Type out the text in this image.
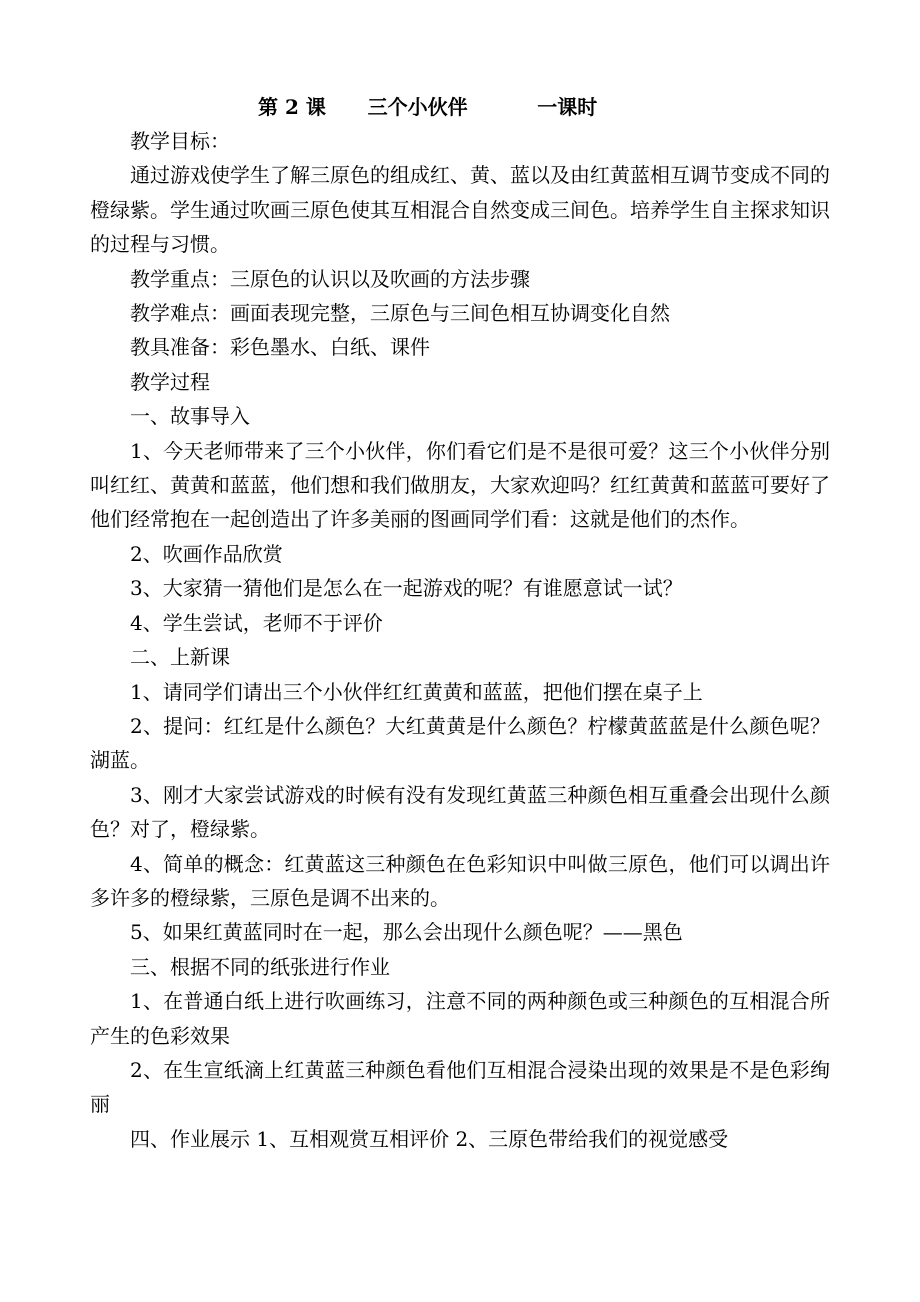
第 2 课      三个小伙伴          一课时

教学目标：

通过游戏使学生了解三原色的组成红、黄、蓝以及由红黄蓝相互调节变成不同的橙绿紫。学生通过吹画三原色使其互相混合自然变成三间色。培养学生自主探求知识的过程与习惯。

教学重点：三原色的认识以及吹画的方法步骤

教学难点：画面表现完整，三原色与三间色相互协调变化自然

教具准备：彩色墨水、白纸、课件

教学过程

一、故事导入

1、今天老师带来了三个小伙伴，你们看它们是不是很可爱？这三个小伙伴分别叫红红、黄黄和蓝蓝，他们想和我们做朋友，大家欢迎吗？红红黄黄和蓝蓝可要好了他们经常抱在一起创造出了许多美丽的图画同学们看：这就是他们的杰作。

2、吹画作品欣赏

3、大家猜一猜他们是怎么在一起游戏的呢？有谁愿意试一试？

4、学生尝试，老师不于评价

二、上新课

1、请同学们请出三个小伙伴红红黄黄和蓝蓝，把他们摆在桌子上

2、提问：红红是什么颜色？大红黄黄是什么颜色？柠檬黄蓝蓝是什么颜色呢？湖蓝。

3、刚才大家尝试游戏的时候有没有发现红黄蓝三种颜色相互重叠会出现什么颜色？对了，橙绿紫。

4、简单的概念：红黄蓝这三种颜色在色彩知识中叫做三原色，他们可以调出许多许多的橙绿紫，三原色是调不出来的。

5、如果红黄蓝同时在一起，那么会出现什么颜色呢？——黑色

三、根据不同的纸张进行作业

1、在普通白纸上进行吹画练习，注意不同的两种颜色或三种颜色的互相混合所产生的色彩效果

2、在生宣纸滴上红黄蓝三种颜色看他们互相混合浸染出现的效果是不是色彩绚丽

四、作业展示 1、互相观赏互相评价 2、三原色带给我们的视觉感受
